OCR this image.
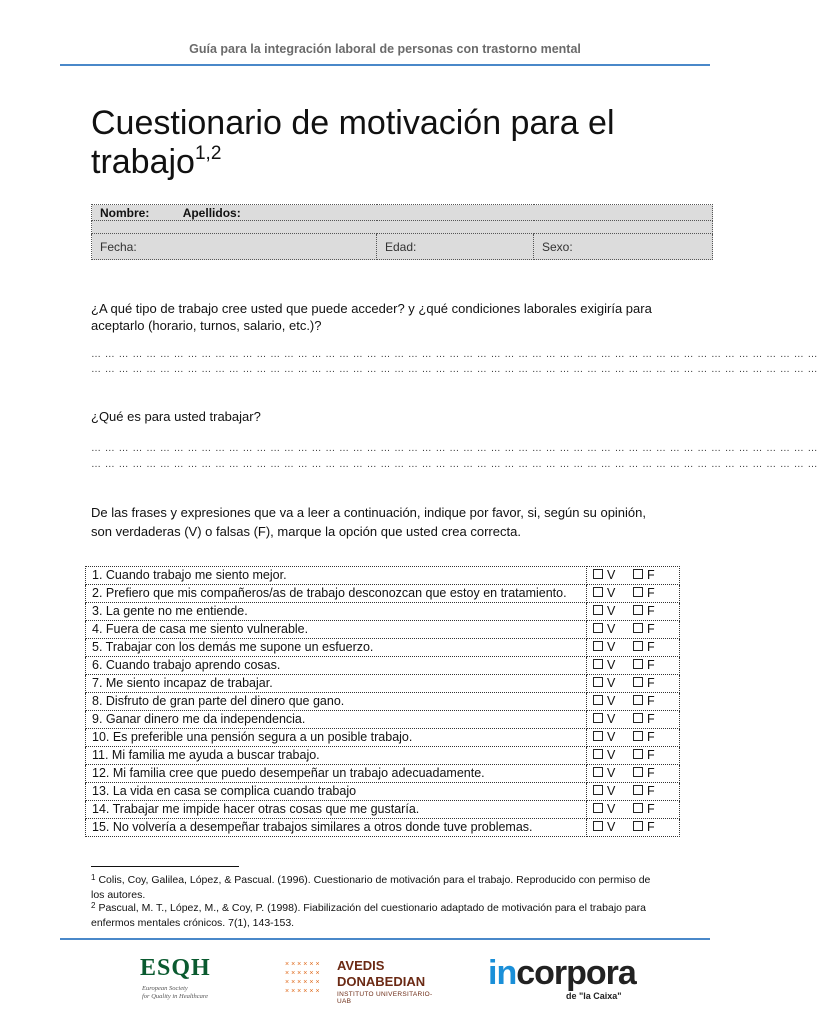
Guía para la integración laboral de personas con trastorno mental
Cuestionario de motivación para el
trabajo$^{1,2}$
Nombre:	Apellidos:

Fecha:	Edad:	Sexo:

¿A qué tipo de trabajo cree usted que puede acceder? y ¿qué condiciones laborales exigiría para aceptarlo (horario, turnos, salario, etc.)?

… … … … … … … … … … … … … … … … … … … … … … … … … … … … … … … … … … … … … … … … … … … … … … … … … … … … …

… … … … … … … … … … … … … … … … … … … … … … … … … … … … … … … … … … … … … … … … … … … … … … … … … … … … …

¿Qué es para usted trabajar?

… … … … … … … … … … … … … … … … … … … … … … … … … … … … … … … … … … … … … … … … … … … … … … … … … … … … …

… … … … … … … … … … … … … … … … … … … … … … … … … … … … … … … … … … … … … … … … … … … … … … … … … … … … …

De las frases y expresiones que va a leer a continuación, indique por favor, si, según su opinión, son verdaderas (V) o falsas (F), marque la opción que usted crea correcta.

1. Cuando trabajo me siento mejor.	V F
2. Prefiero que mis compañeros/as de trabajo desconozcan que estoy en tratamiento.	V F
3. La gente no me entiende.	V F
4. Fuera de casa me siento vulnerable.	V F
5. Trabajar con los demás me supone un esfuerzo.	V F
6. Cuando trabajo aprendo cosas.	V F
7. Me siento incapaz de trabajar.	V F
8. Disfruto de gran parte del dinero que gano.	V F
9. Ganar dinero me da independencia.	V F
10. Es preferible una pensión segura a un posible trabajo.	V F
11. Mi familia me ayuda a buscar trabajo.	V F
12. Mi familia cree que puedo desempeñar un trabajo adecuadamente.	V F
13. La vida en casa se complica cuando trabajo	V F
14. Trabajar me impide hacer otras cosas que me gustaría.	V F
15. No volvería a desempeñar trabajos similares a otros donde tuve problemas.	V F

$^1$ Colis, Coy, Galilea, López, & Pascual. (1996). Cuestionario de motivación para el trabajo. Reproducido con permiso de los autores.

$^2$ Pascual, M. T., López, M., & Coy, P. (1998). Fiabilización del cuestionario adaptado de motivación para el trabajo para enfermos mentales crónicos. 7(1), 143-153.

ESQH
European Society
for Quality in Healthcare
××××××
××××××
××××××
××××××
AVEDIS
DONABEDIAN
INSTITUTO UNIVERSITARIO-UAB
incorpora
de "la Caixa"
